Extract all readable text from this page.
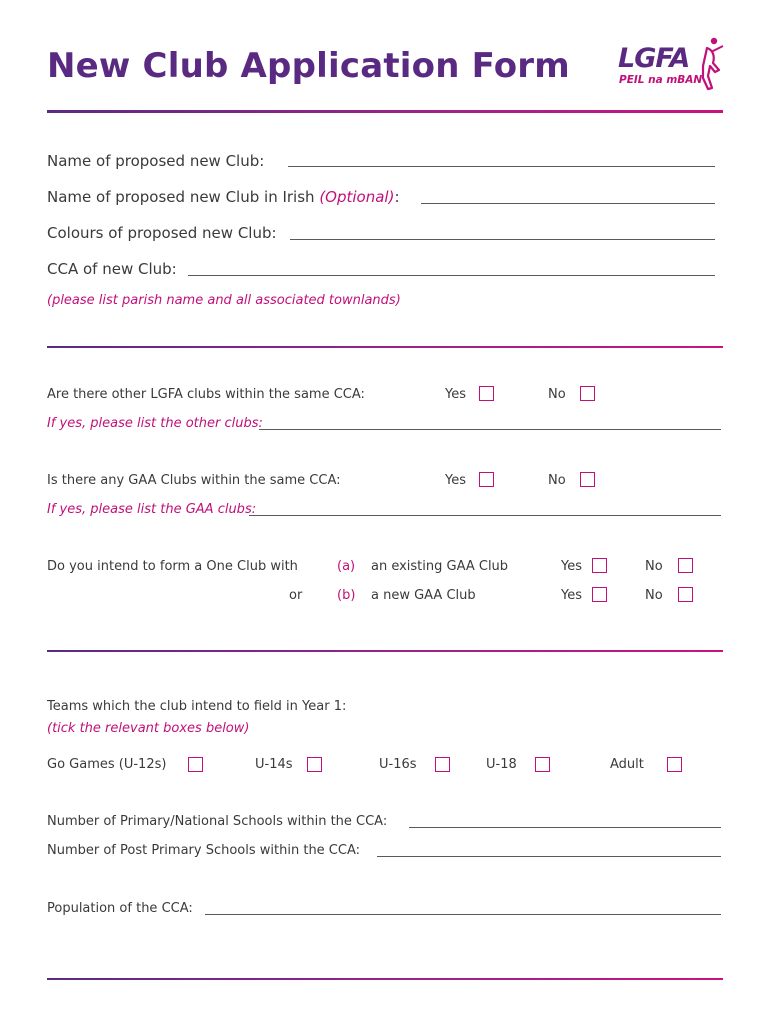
New Club Application Form LGFA
PEIL na mBAN
Name of proposed new Club:
Name of proposed new Club in Irish (Optional):
Colours of proposed new Club:
CCA of new Club:
(please list parish name and all associated townlands)
Are there other LGFA clubs within the same CCA:	Yes	No
If yes, please list the other clubs:
Is there any GAA Clubs within the same CCA:	Yes	No
If yes, please list the GAA clubs:
Do you intend to form a One Club with	(a) an existing GAA Club	Yes	No
or	(b) a new GAA Club	Yes	No
Teams which the club intend to field in Year 1:
(tick the relevant boxes below)
Go Games (U-12s)	U-14s	U-16s	U-18	Adult
Number of Primary/National Schools within the CCA:
Number of Post Primary Schools within the CCA:
Population of the CCA:
